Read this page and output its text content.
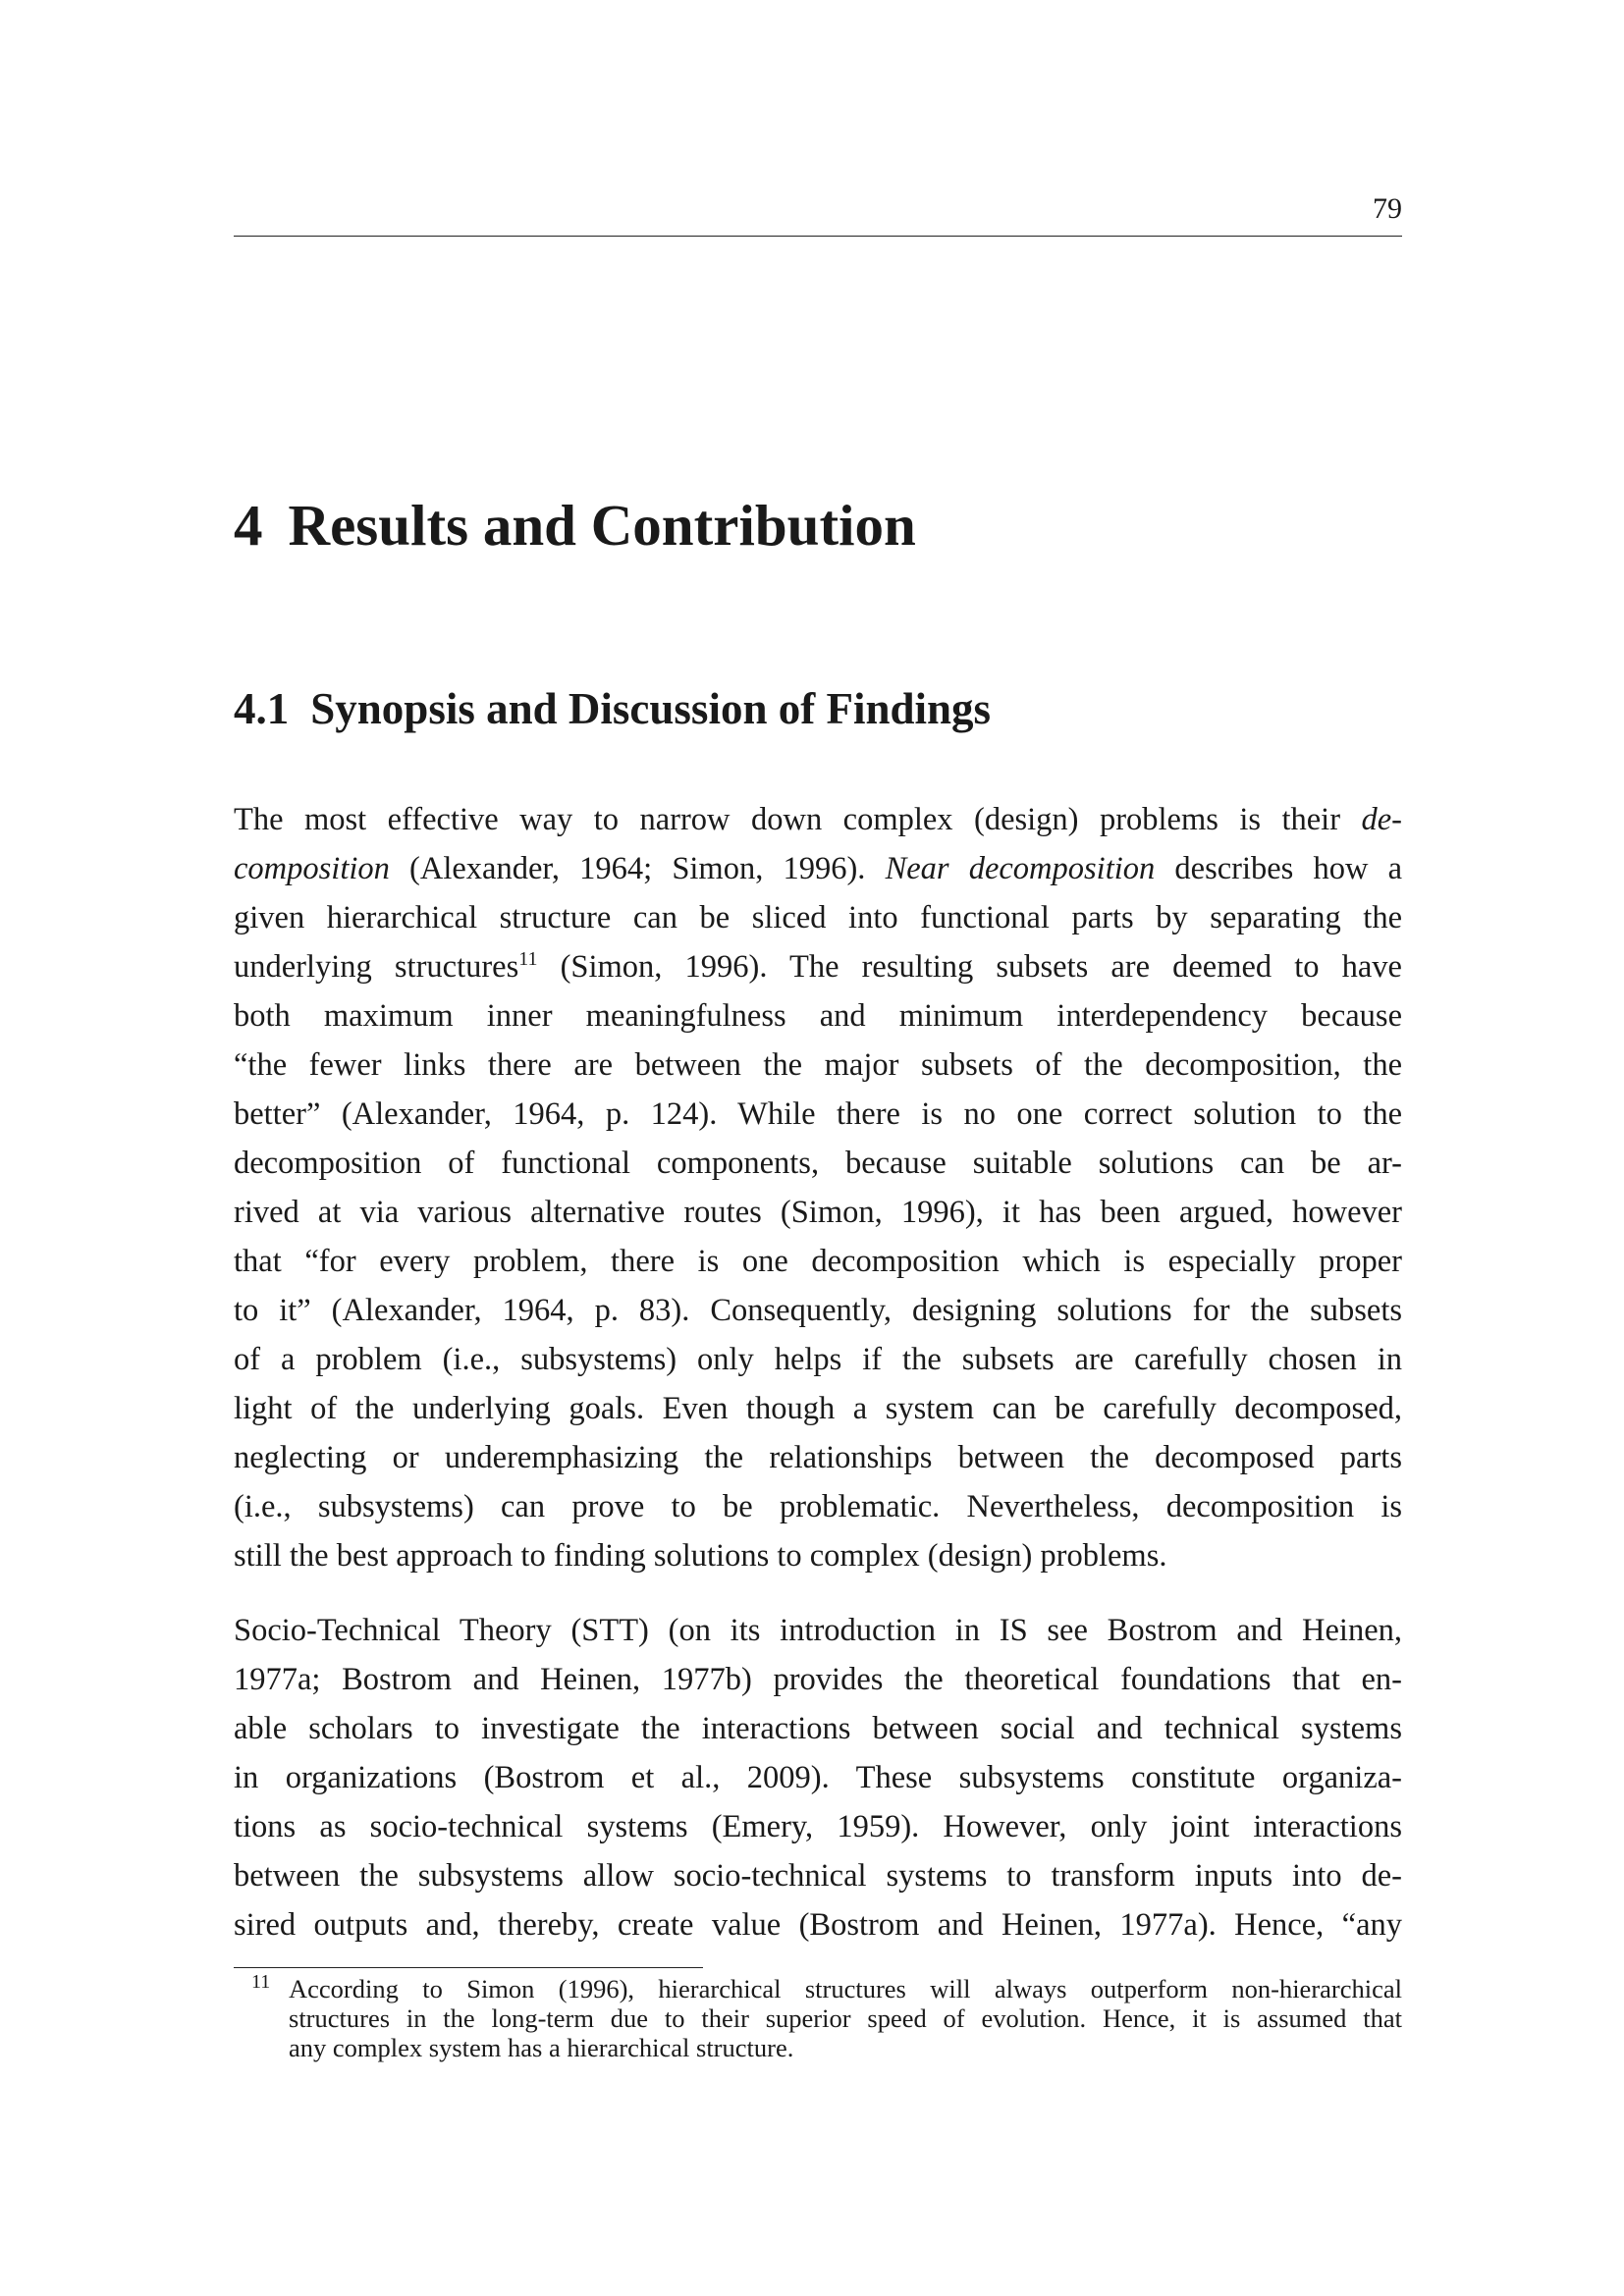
79
4 Results and Contribution
4.1 Synopsis and Discussion of Findings
The most effective way to narrow down complex (design) problems is their de-
composition (Alexander, 1964; Simon, 1996). Near decomposition describes how a
given hierarchical structure can be sliced into functional parts by separating the
underlying structures$^{11}$ (Simon, 1996). The resulting subsets are deemed to have
both maximum inner meaningfulness and minimum interdependency because
“the fewer links there are between the major subsets of the decomposition, the
better” (Alexander, 1964, p. 124). While there is no one correct solution to the
decomposition of functional components, because suitable solutions can be ar-
rived at via various alternative routes (Simon, 1996), it has been argued, however
that “for every problem, there is one decomposition which is especially proper
to it” (Alexander, 1964, p. 83). Consequently, designing solutions for the subsets
of a problem (i.e., subsystems) only helps if the subsets are carefully chosen in
light of the underlying goals. Even though a system can be carefully decomposed,
neglecting or underemphasizing the relationships between the decomposed parts
(i.e., subsystems) can prove to be problematic. Nevertheless, decomposition is
still the best approach to finding solutions to complex (design) problems.
Socio-Technical Theory (STT) (on its introduction in IS see Bostrom and Heinen,
1977a; Bostrom and Heinen, 1977b) provides the theoretical foundations that en-
able scholars to investigate the interactions between social and technical systems
in organizations (Bostrom et al., 2009). These subsystems constitute organiza-
tions as socio-technical systems (Emery, 1959). However, only joint interactions
between the subsystems allow socio-technical systems to transform inputs into de-
sired outputs and, thereby, create value (Bostrom and Heinen, 1977a). Hence, “any
11 According to Simon (1996), hierarchical structures will always outperform non-hierarchical
structures in the long-term due to their superior speed of evolution. Hence, it is assumed that
any complex system has a hierarchical structure.
